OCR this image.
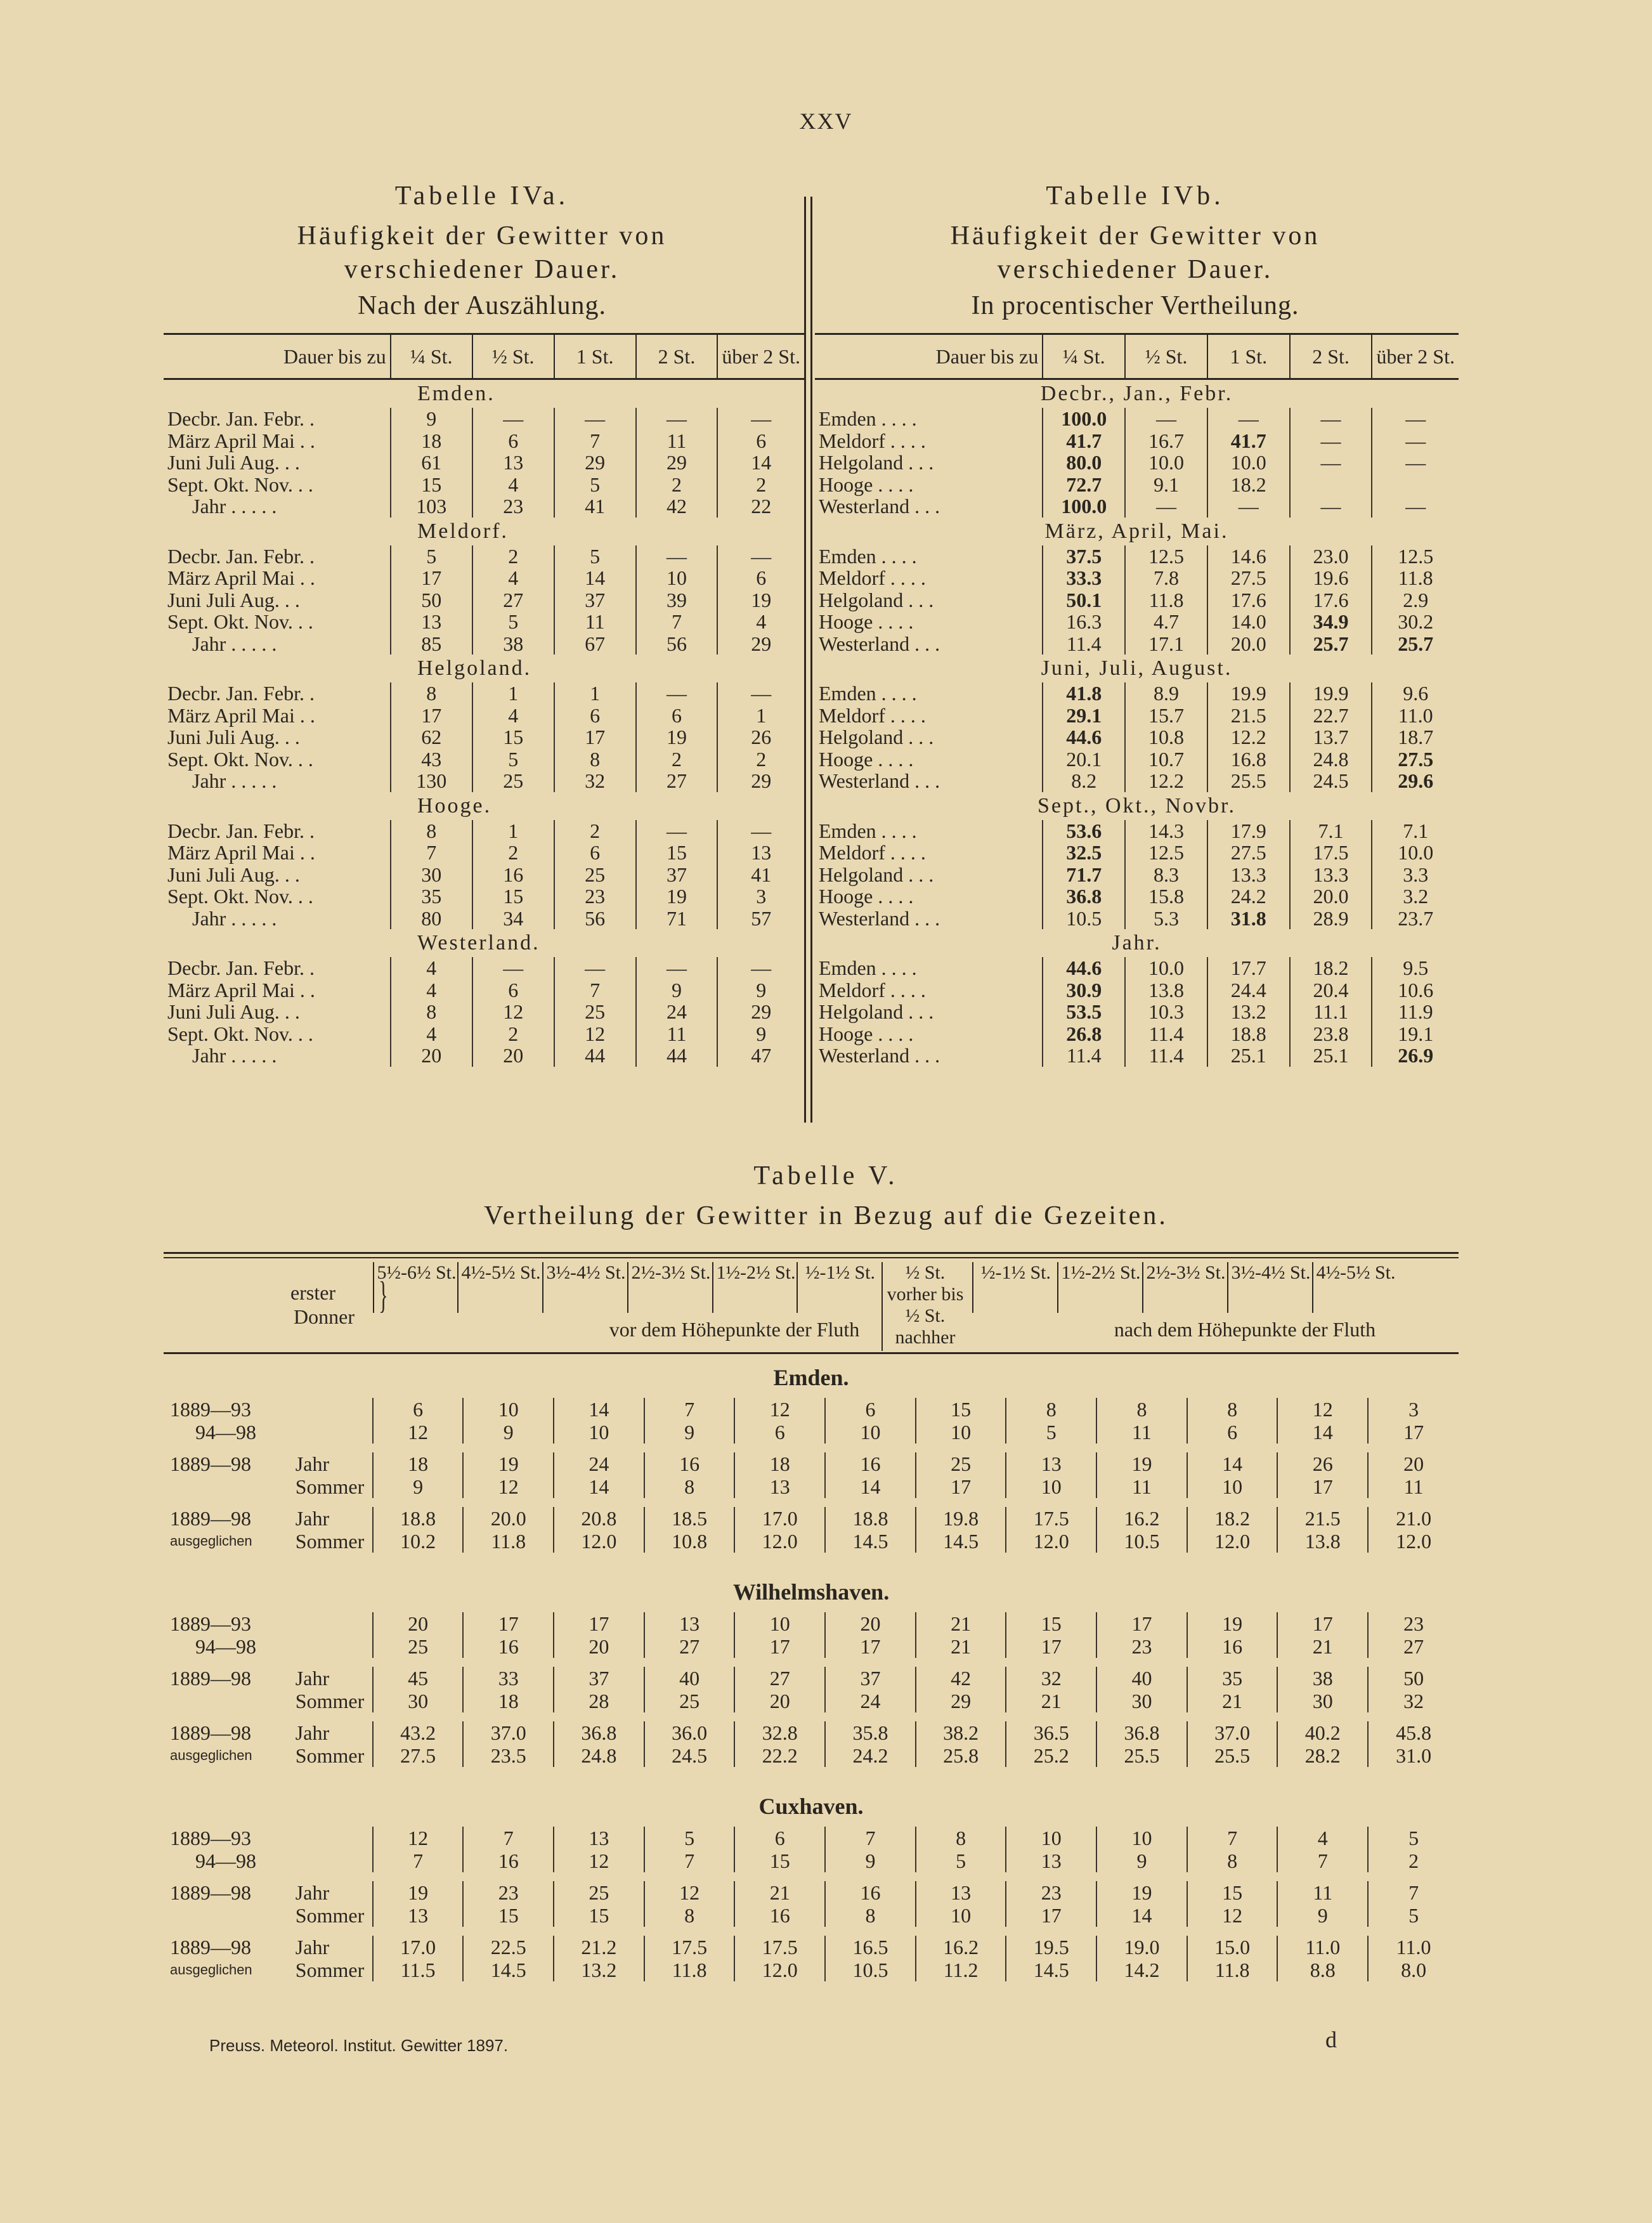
XXV
Tabelle IVa.
Häufigkeit der Gewitter von
verschiedener Dauer.
Nach der Auszählung.
Tabelle IVb.
Häufigkeit der Gewitter von
verschiedener Dauer.
In procentischer Vertheilung.
Dauer bis zu	¼ St.	½ St.	1 St.	2 St.	über 2 St.
Emden.					
Decbr. Jan. Febr. .	9	—	—	—	—
März April Mai . .	18	6	7	11	6
Juni Juli Aug. . .	61	13	29	29	14
Sept. Okt. Nov. . .	15	4	5	2	2
Jahr . . . . .	103	23	41	42	22
Meldorf.					
Decbr. Jan. Febr. .	5	2	5	—	—
März April Mai . .	17	4	14	10	6
Juni Juli Aug. . .	50	27	37	39	19
Sept. Okt. Nov. . .	13	5	11	7	4
Jahr . . . . .	85	38	67	56	29
Helgoland.					
Decbr. Jan. Febr. .	8	1	1	—	—
März April Mai . .	17	4	6	6	1
Juni Juli Aug. . .	62	15	17	19	26
Sept. Okt. Nov. . .	43	5	8	2	2
Jahr . . . . .	130	25	32	27	29
Hooge.					
Decbr. Jan. Febr. .	8	1	2	—	—
März April Mai . .	7	2	6	15	13
Juni Juli Aug. . .	30	16	25	37	41
Sept. Okt. Nov. . .	35	15	23	19	3
Jahr . . . . .	80	34	56	71	57
Westerland.					
Decbr. Jan. Febr. .	4	—	—	—	—
März April Mai . .	4	6	7	9	9
Juni Juli Aug. . .	8	12	25	24	29
Sept. Okt. Nov. . .	4	2	12	11	9
Jahr . . . . .	20	20	44	44	47
Dauer bis zu	¼ St.	½ St.	1 St.	2 St.	über 2 St.
Decbr., Jan., Febr.					
Emden . . . .	100.0	—	—	—	—
Meldorf . . . .	41.7	16.7	41.7	—	—
Helgoland . . .	80.0	10.0	10.0	—	—
Hooge . . . .	72.7	9.1	18.2		
Westerland . . .	100.0	—	—	—	—
März, April, Mai.					
Emden . . . .	37.5	12.5	14.6	23.0	12.5
Meldorf . . . .	33.3	7.8	27.5	19.6	11.8
Helgoland . . .	50.1	11.8	17.6	17.6	2.9
Hooge . . . .	16.3	4.7	14.0	34.9	30.2
Westerland . . .	11.4	17.1	20.0	25.7	25.7
Juni, Juli, August.					
Emden . . . .	41.8	8.9	19.9	19.9	9.6
Meldorf . . . .	29.1	15.7	21.5	22.7	11.0
Helgoland . . .	44.6	10.8	12.2	13.7	18.7
Hooge . . . .	20.1	10.7	16.8	24.8	27.5
Westerland . . .	8.2	12.2	25.5	24.5	29.6
Sept., Okt., Novbr.					
Emden . . . .	53.6	14.3	17.9	7.1	7.1
Meldorf . . . .	32.5	12.5	27.5	17.5	10.0
Helgoland . . .	71.7	8.3	13.3	13.3	3.3
Hooge . . . .	36.8	15.8	24.2	20.0	3.2
Westerland . . .	10.5	5.3	31.8	28.9	23.7
Jahr.					
Emden . . . .	44.6	10.0	17.7	18.2	9.5
Meldorf . . . .	30.9	13.8	24.4	20.4	10.6
Helgoland . . .	53.5	10.3	13.2	11.1	11.9
Hooge . . . .	26.8	11.4	18.8	23.8	19.1
Westerland . . .	11.4	11.4	25.1	25.1	26.9
Tabelle V.
Vertheilung der Gewitter in Bezug auf die Gezeiten.
erster
Donner
}
5½-6½ St. 4½-5½ St. 3½-4½ St. 2½-3½ St. 1½-2½ St. ½-1½ St.	½ St. vorher bis ½ St. nachher
½-1½ St. 1½-2½ St. 2½-3½ St. 3½-4½ St. 4½-5½ St.
vor dem Höhepunkte der Fluth	nach dem Höhepunkte der Fluth
Emden.													
1889—93		6	10	14	7	12	6	15	8	8	8	12	3
94—98		12	9	10	9	6	10	10	5	11	6	14	17

1889—98	Jahr	18	19	24	16	18	16	25	13	19	14	26	20
	Sommer	9	12	14	8	13	14	17	10	11	10	17	11

1889—98	Jahr	18.8	20.0	20.8	18.5	17.0	18.8	19.8	17.5	16.2	18.2	21.5	21.0
ausgeglichen	Sommer	10.2	11.8	12.0	10.8	12.0	14.5	14.5	12.0	10.5	12.0	13.8	12.0

Wilhelmshaven.													
1889—93		20	17	17	13	10	20	21	15	17	19	17	23
94—98		25	16	20	27	17	17	21	17	23	16	21	27

1889—98	Jahr	45	33	37	40	27	37	42	32	40	35	38	50
	Sommer	30	18	28	25	20	24	29	21	30	21	30	32

1889—98	Jahr	43.2	37.0	36.8	36.0	32.8	35.8	38.2	36.5	36.8	37.0	40.2	45.8
ausgeglichen	Sommer	27.5	23.5	24.8	24.5	22.2	24.2	25.8	25.2	25.5	25.5	28.2	31.0

Cuxhaven.													
1889—93		12	7	13	5	6	7	8	10	10	7	4	5
94—98		7	16	12	7	15	9	5	13	9	8	7	2

1889—98	Jahr	19	23	25	12	21	16	13	23	19	15	11	7
	Sommer	13	15	15	8	16	8	10	17	14	12	9	5

1889—98	Jahr	17.0	22.5	21.2	17.5	17.5	16.5	16.2	19.5	19.0	15.0	11.0	11.0
ausgeglichen	Sommer	11.5	14.5	13.2	11.8	12.0	10.5	11.2	14.5	14.2	11.8	8.8	8.0

Preuss. Meteorol. Institut. Gewitter 1897.	d
